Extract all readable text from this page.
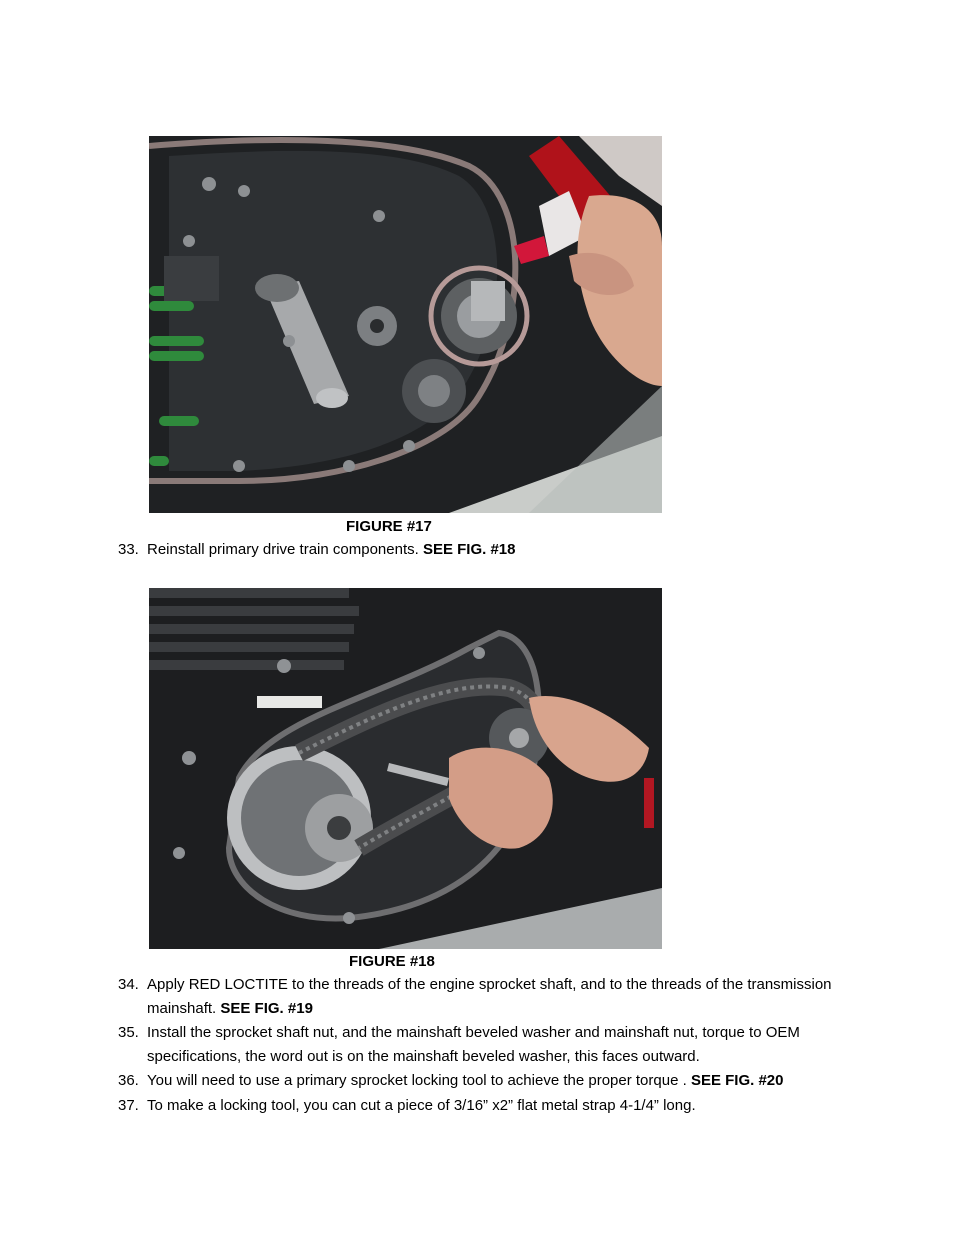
FIGURE #17
33. Reinstall primary drive train components. SEE FIG. #18
FIGURE #18
34. Apply RED LOCTITE to the threads of the engine sprocket shaft, and to the threads of the transmission mainshaft. SEE FIG. #19
35. Install the sprocket shaft nut, and the mainshaft beveled washer and mainshaft nut, torque to OEM specifications, the word out is on the mainshaft beveled washer, this faces outward.
36. You will need to use a primary sprocket locking tool to achieve the proper torque . SEE FIG. #20
37. To make a locking tool, you can cut a piece of 3/16” x2” flat metal strap 4-1/4” long.
